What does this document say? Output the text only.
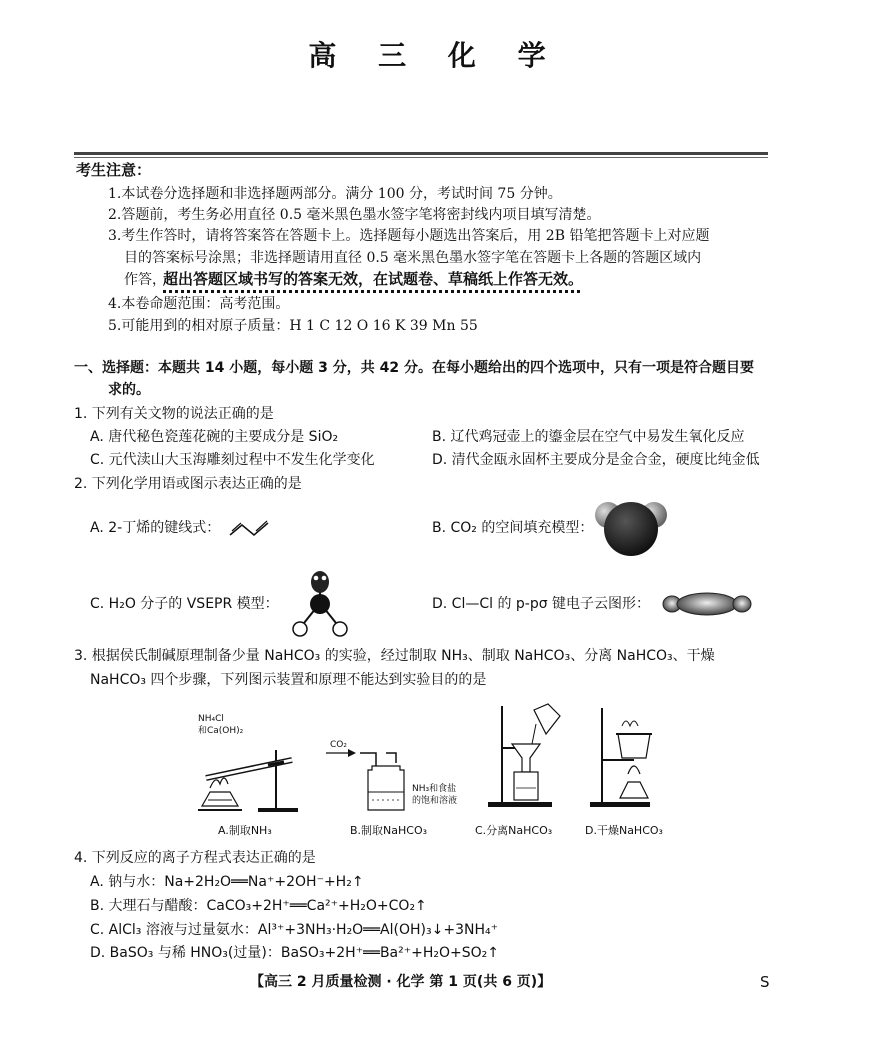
高 三 化 学
考生注意：
1.本试卷分选择题和非选择题两部分。满分 100 分，考试时间 75 分钟。
2.答题前，考生务必用直径 0.5 毫米黑色墨水签字笔将密封线内项目填写清楚。
3.考生作答时，请将答案答在答题卡上。选择题每小题选出答案后，用 2B 铅笔把答题卡上对应题
目的答案标号涂黑；非选择题请用直径 0.5 毫米黑色墨水签字笔在答题卡上各题的答题区域内
作答，
超出答题区域书写的答案无效，在试题卷、草稿纸上作答无效。
4.本卷命题范围：高考范围。
5.可能用到的相对原子质量：H 1 C 12 O 16 K 39 Mn 55
一、选择题：本题共 14 小题，每小题 3 分，共 42 分。在每小题给出的四个选项中，只有一项是符合题目要
求的。
1. 下列有关文物的说法正确的是
A. 唐代秘色瓷莲花碗的主要成分是 SiO₂	B. 辽代鸡冠壶上的鎏金层在空气中易发生氧化反应
C. 元代渎山大玉海雕刻过程中不发生化学变化	D. 清代金瓯永固杯主要成分是金合金，硬度比纯金低
2. 下列化学用语或图示表达正确的是
A. 2-丁烯的键线式：	B. CO₂ 的空间填充模型：
C. H₂O 分子的 VSEPR 模型：	D. Cl—Cl 的 p-pσ 键电子云图形：
3. 根据侯氏制碱原理制备少量 NaHCO₃ 的实验，经过制取 NH₃、制取 NaHCO₃、分离 NaHCO₃、干燥
NaHCO₃ 四个步骤，下列图示装置和原理不能达到实验目的的是
NH₄Cl
和Ca(OH)₂
A.制取NH₃
CO₂
NH₃和食盐
的饱和溶液
B.制取NaHCO₃	C.分离NaHCO₃	D.干燥NaHCO₃
4. 下列反应的离子方程式表达正确的是
A. 钠与水：Na+2H₂O══Na⁺+2OH⁻+H₂↑
B. 大理石与醋酸：CaCO₃+2H⁺══Ca²⁺+H₂O+CO₂↑
C. AlCl₃ 溶液与过量氨水：Al³⁺+3NH₃·H₂O══Al(OH)₃↓+3NH₄⁺
D. BaSO₃ 与稀 HNO₃(过量)：BaSO₃+2H⁺══Ba²⁺+H₂O+SO₂↑
【高三 2 月质量检测 · 化学 第 1 页(共 6 页)】	S
